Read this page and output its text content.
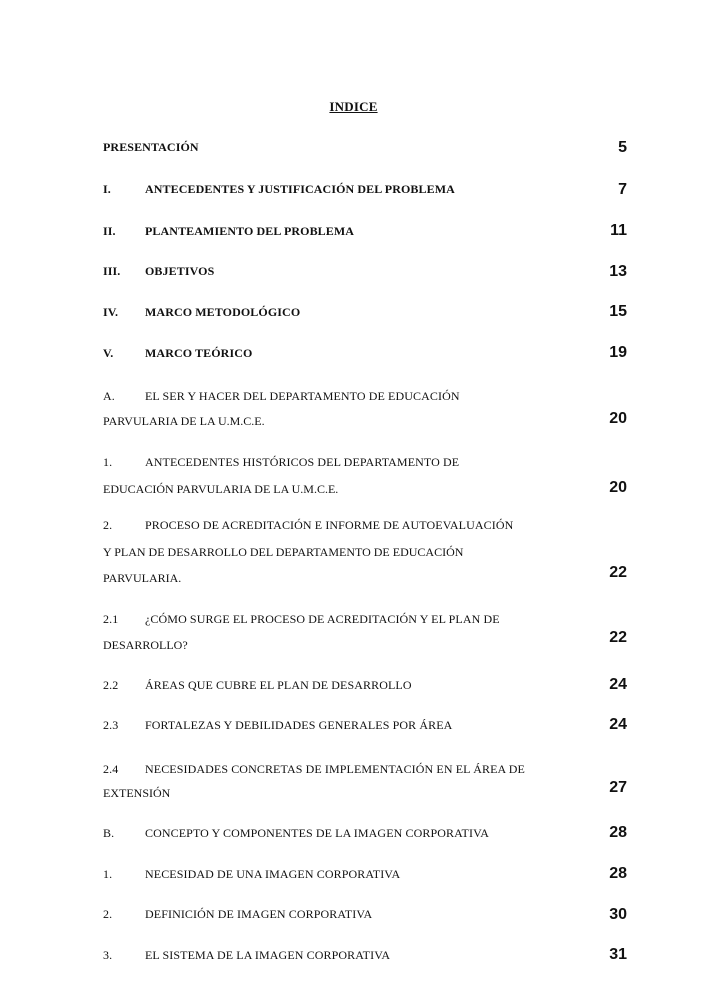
INDICE
PRESENTACIÓN	5
I.	ANTECEDENTES Y JUSTIFICACIÓN DEL PROBLEMA	7
II. PLANTEAMIENTO DEL PROBLEMA	11
III. OBJETIVOS	13
IV. MARCO METODOLÓGICO	15
V.	MARCO TEÓRICO	19
A.	EL SER Y HACER DEL DEPARTAMENTO DE EDUCACIÓN
PARVULARIA DE LA U.M.C.E.	20
1.	ANTECEDENTES HISTÓRICOS DEL DEPARTAMENTO DE
EDUCACIÓN PARVULARIA DE LA U.M.C.E.	20
2.	PROCESO DE ACREDITACIÓN E INFORME DE AUTOEVALUACIÓN
Y PLAN DE DESARROLLO DEL DEPARTAMENTO DE EDUCACIÓN
PARVULARIA.	22
2.1 ¿CÓMO SURGE EL PROCESO DE ACREDITACIÓN Y EL PLAN DE
DESARROLLO?	22
2.2 ÁREAS QUE CUBRE EL PLAN DE DESARROLLO	24
2.3 FORTALEZAS Y DEBILIDADES GENERALES POR ÁREA	24
2.4 NECESIDADES CONCRETAS DE IMPLEMENTACIÓN EN EL ÁREA DE
EXTENSIÓN	27
B.	CONCEPTO Y COMPONENTES DE LA IMAGEN CORPORATIVA	28
1.	NECESIDAD DE UNA IMAGEN CORPORATIVA	28
2.	DEFINICIÓN DE IMAGEN CORPORATIVA	30
3.	EL SISTEMA DE LA IMAGEN CORPORATIVA	31
